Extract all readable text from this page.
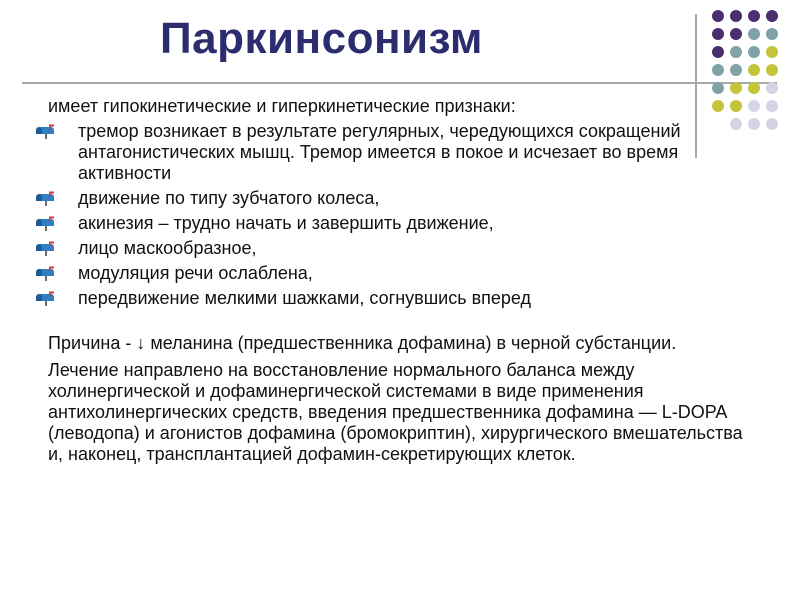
Паркинсонизм

имеет гипокинетические и гиперкинетические признаки:

тремор возникает в результате регулярных, чередующихся сокращений антагонистических мышц. Тремор имеется в покое и исчезает во время активности
движение по типу зубчатого колеса,
акинезия – трудно начать и завершить движение,
лицо маскообразное,
модуляция речи ослаблена,
передвижение мелкими шажками, согнувшись вперед

Причина - ↓ меланина (предшественника дофамина) в черной субстанции.

Лечение направлено на восстановление нормального баланса между холинергической и дофаминергической системами в виде применения антихолинергических средств, введения предшественника дофамина — L-DOPA (леводопа) и агонистов дофамина (бромокриптин), хирургического вмешательства и, наконец, трансплантацией дофамин-секретирующих клеток.
